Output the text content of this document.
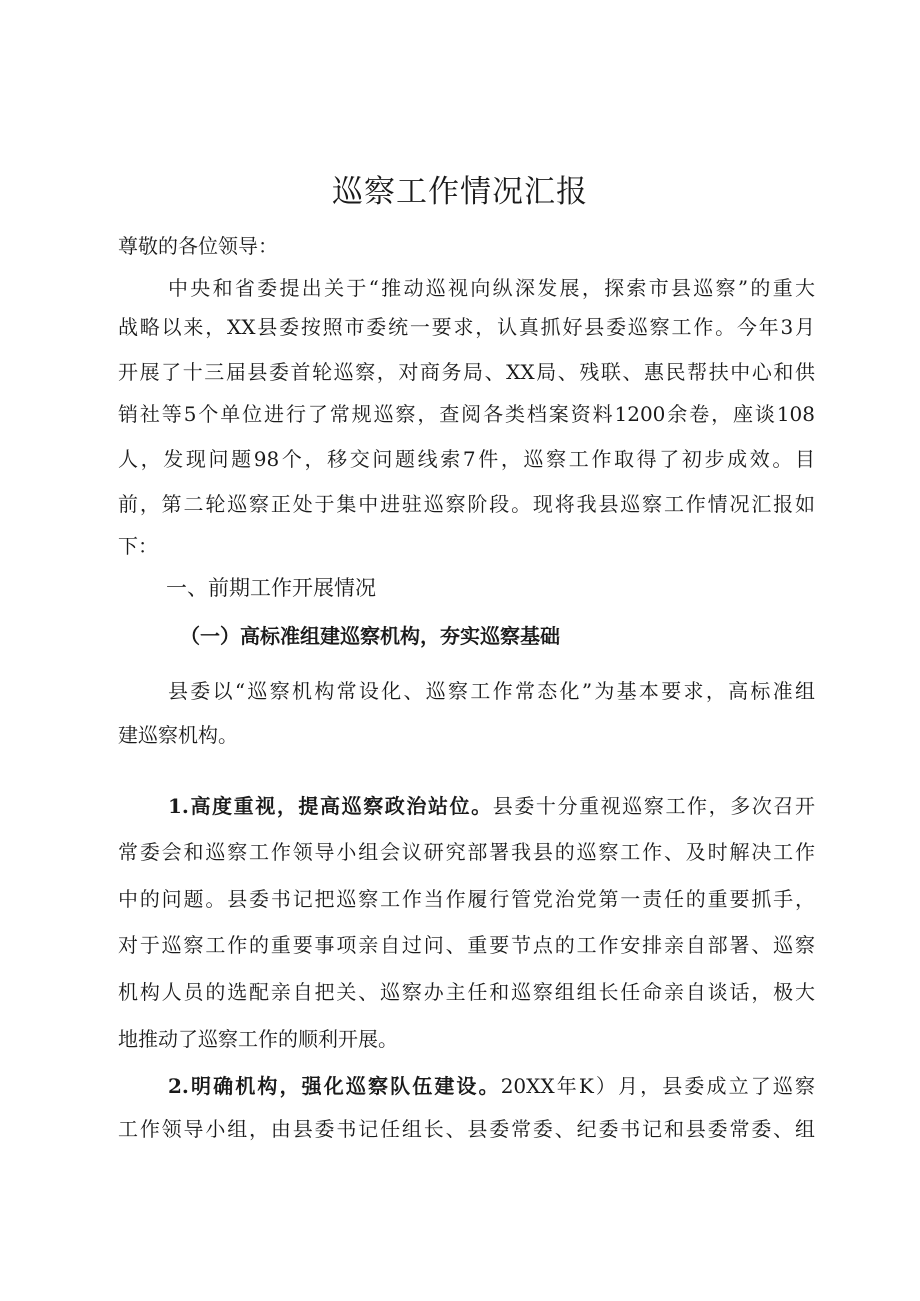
巡察工作情况汇报
尊敬的各位领导：
中央和省委提出关于“推动巡视向纵深发展，探索市县巡察”的重大
战略以来，XX县委按照市委统一要求，认真抓好县委巡察工作。今年3月
开展了十三届县委首轮巡察，对商务局、XX局、残联、惠民帮扶中心和供
销社等5个单位进行了常规巡察，查阅各类档案资料1200余卷，座谈108
人，发现问题98个，移交问题线索7件，巡察工作取得了初步成效。目
前，第二轮巡察正处于集中进驻巡察阶段。现将我县巡察工作情况汇报如
下：
一、前期工作开展情况
（一）高标准组建巡察机构，夯实巡察基础
县委以“巡察机构常设化、巡察工作常态化”为基本要求，高标准组
建巡察机构。
1.高度重视，提高巡察政治站位。县委十分重视巡察工作，多次召开
常委会和巡察工作领导小组会议研究部署我县的巡察工作、及时解决工作
中的问题。县委书记把巡察工作当作履行管党治党第一责任的重要抓手，
对于巡察工作的重要事项亲自过问、重要节点的工作安排亲自部署、巡察
机构人员的选配亲自把关、巡察办主任和巡察组组长任命亲自谈话，极大
地推动了巡察工作的顺利开展。
2.明确机构，强化巡察队伍建设。20XX年K）月，县委成立了巡察
工作领导小组，由县委书记任组长、县委常委、纪委书记和县委常委、组
